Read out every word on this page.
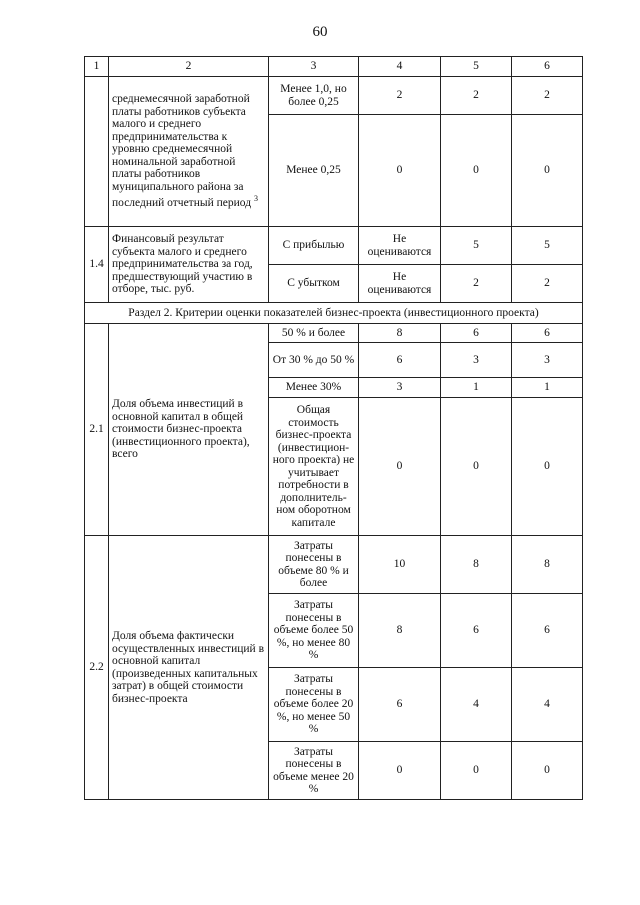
60
1	2	3	4	5	6
	среднемесячной заработной платы работников субъекта малого и среднего предпринимательства к уровню среднемесячной номинальной заработной платы работников муниципального района за последний отчетный период $^3$	Менее 1,0, но более 0,25	2	2	2
		Менее 0,25	0	0	0
1.4	Финансовый результат субъекта малого и среднего предпринимательства за год, предшествующий участию в отборе, тыс. руб.	С прибылью	Не оцениваются	5	5
		С убытком	Не оцениваются	2	2
Раздел 2. Критерии оценки показателей бизнес-проекта (инвестиционного проекта)					
2.1	Доля объема инвестиций в основной капитал в общей стоимости бизнес-проекта (инвестиционного проекта), всего	50 % и более	8	6	6
		От 30 % до 50 %	6	3	3
		Менее 30%	3	1	1
		Общая стоимость бизнес-проекта (инвестицион-ного проекта) не учитывает потребности в дополнитель-ном оборотном капитале	0	0	0
2.2	Доля объема фактически осуществленных инвестиций в основной капитал (произведенных капитальных затрат) в общей стоимости бизнес-проекта	Затраты понесены в объеме 80 % и более	10	8	8
		Затраты понесены в объеме более 50 %, но менее 80 %	8	6	6
		Затраты понесены в объеме более 20 %, но менее 50 %	6	4	4
		Затраты понесены в объеме менее 20 %	0	0	0
